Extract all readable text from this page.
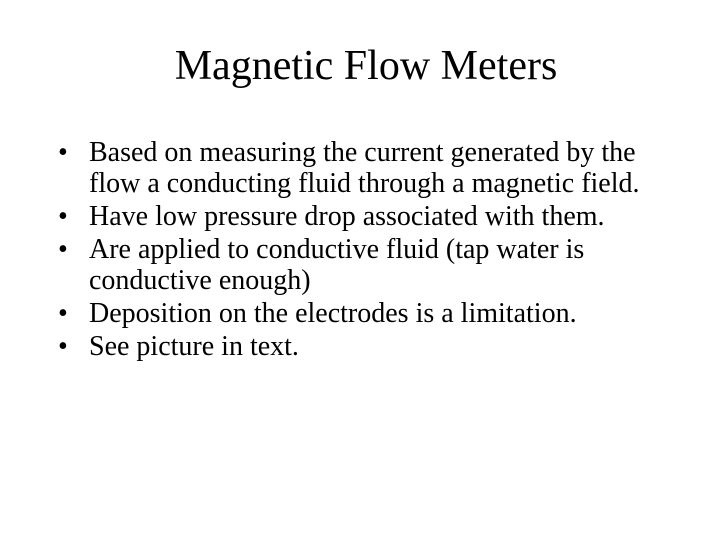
Magnetic Flow Meters
• Based on measuring the current generated by the flow a conducting fluid through a magnetic field.
• Have low pressure drop associated with them.
• Are applied to conductive fluid (tap water is conductive enough)
• Deposition on the electrodes is a limitation.
• See picture in text.
